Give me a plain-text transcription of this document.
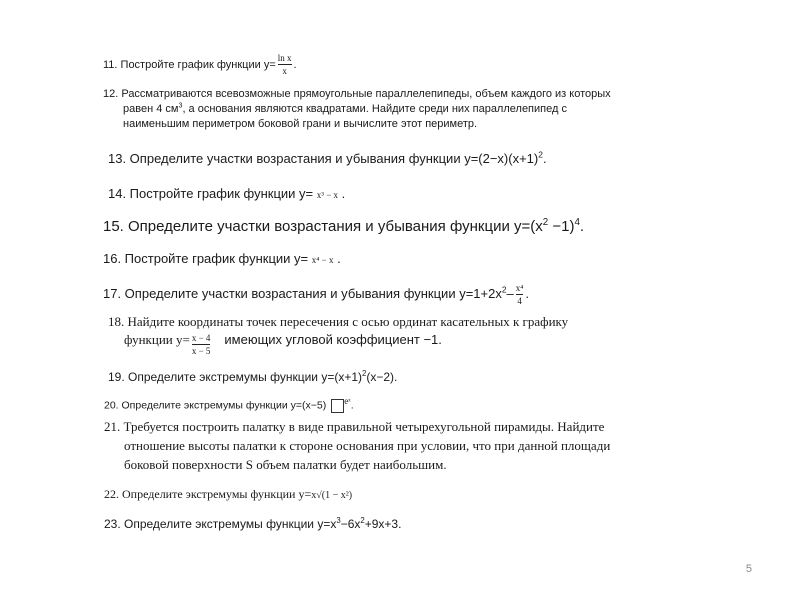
11. Постройте график функции $y= \frac{\text{ln x}}{x}$ .
12. Рассматриваются всевозможные прямоугольные параллелепипеды, объем каждого из которых
равен 4 $см^3$, а основания являются квадратами. Найдите среди них параллелепипед с
наименьшим периметром боковой грани и вычислите этот периметр.
13. Определите участки возрастания и убывания функции $y=(2-x)(x+1)^2$.
14. Постройте график функции y= x³ − x .
15. Определите участки возрастания и убывания функции $y=(x^2 -1)^4$.
16. Постройте график функции y= x⁴ − x .
17. Определите участки возрастания и убывания функции $y=1+2x^2- \frac{\text{x⁴}}{4}$ .
18. Найдите координаты точек пересечения с осью ординат касательных к графику
функции $y= \frac{x - 4}{x - 5}$ имеющих угловой коэффициент −1.
19. Определите экстремумы функции $y=(x+1)^2(x-2)$.
20. Определите экстремумы функции y=(x−5) eˣ.
21. Требуется построить палатку в виде правильной четырехугольной пирамиды. Найдите
отношение высоты палатки к стороне основания при условии, что при данной площади
боковой поверхности S объем палатки будет наибольшим.
22. Определите экстремумы функции y=x√(1 − x²)
23. Определите экстремумы функции $y=x^3-6x^2+9x+3$.
5
